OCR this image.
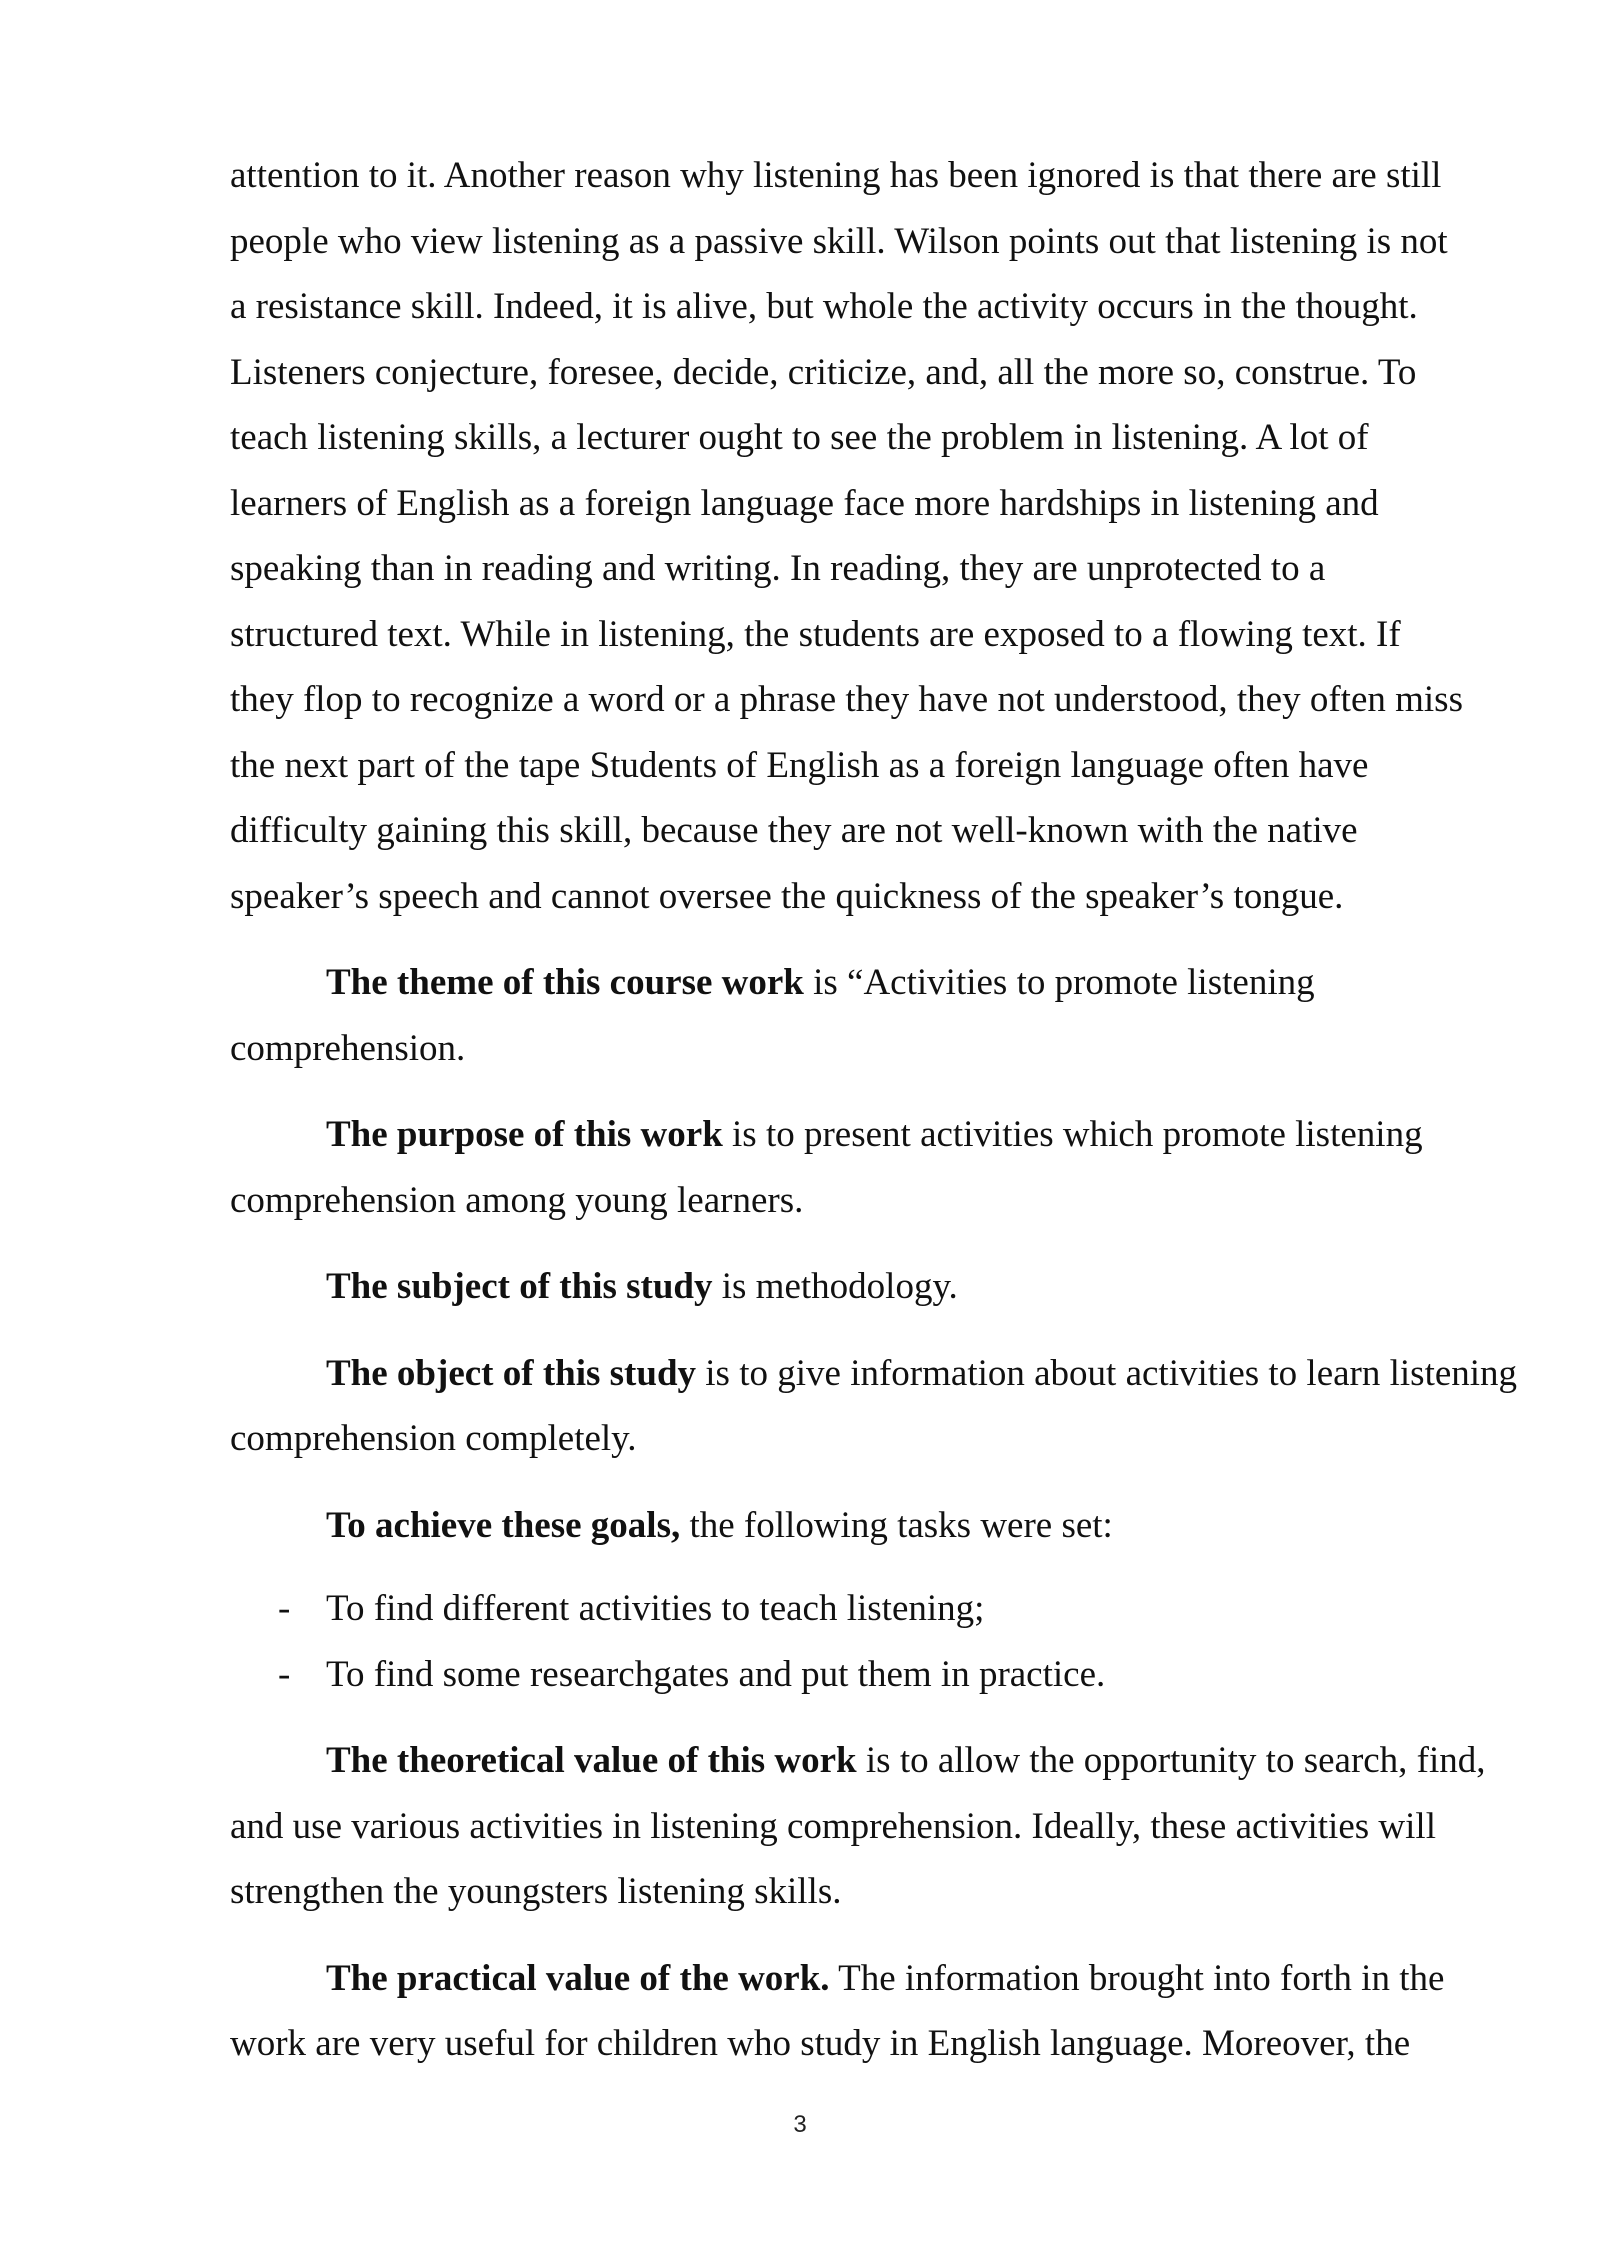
attention to it. Another reason why listening has been ignored is that there are still
people who view listening as a passive skill. Wilson points out that listening is not
a resistance skill. Indeed, it is alive, but whole the activity occurs in the thought.
Listeners conjecture, foresee, decide, criticize, and, all the more so, construe. To
teach listening skills, a lecturer ought to see the problem in listening. A lot of
learners of English as a foreign language face more hardships in listening and
speaking than in reading and writing. In reading, they are unprotected to a
structured text. While in listening, the students are exposed to a flowing text. If
they flop to recognize a word or a phrase they have not understood, they often miss
the next part of the tape Students of English as a foreign language often have
difficulty gaining this skill, because they are not well-known with the native
speaker’s speech and cannot oversee the quickness of the speaker’s tongue.

The theme of this course work is “Activities to promote listening comprehension.

The purpose of this work is to present activities which promote listening comprehension among young learners.

The subject of this study is methodology.

The object of this study is to give information about activities to learn listening comprehension completely.

To achieve these goals, the following tasks were set:

- To find different activities to teach listening;
- To find some researchgates and put them in practice.

The theoretical value of this work is to allow the opportunity to search, find, and use various activities in listening comprehension. Ideally, these activities will strengthen the youngsters listening skills.

The practical value of the work. The information brought into forth in the work are very useful for children who study in English language. Moreover, the

3
